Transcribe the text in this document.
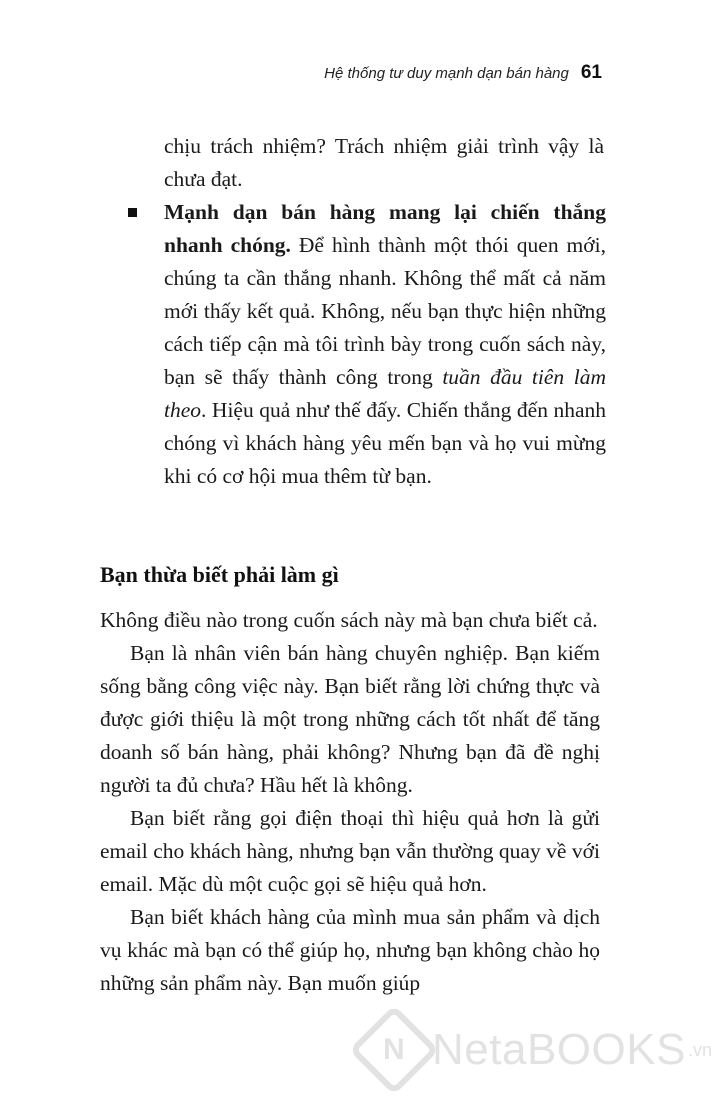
Hệ thống tư duy mạnh dạn bán hàng 61

chịu trách nhiệm? Trách nhiệm giải trình vậy là chưa đạt.

Mạnh dạn bán hàng mang lại chiến thắng nhanh chóng. Để hình thành một thói quen mới, chúng ta cần thắng nhanh. Không thể mất cả năm mới thấy kết quả. Không, nếu bạn thực hiện những cách tiếp cận mà tôi trình bày trong cuốn sách này, bạn sẽ thấy thành công trong tuần đầu tiên làm theo. Hiệu quả như thế đấy. Chiến thắng đến nhanh chóng vì khách hàng yêu mến bạn và họ vui mừng khi có cơ hội mua thêm từ bạn.

Bạn thừa biết phải làm gì

Không điều nào trong cuốn sách này mà bạn chưa biết cả.

Bạn là nhân viên bán hàng chuyên nghiệp. Bạn kiếm sống bằng công việc này. Bạn biết rằng lời chứng thực và được giới thiệu là một trong những cách tốt nhất để tăng doanh số bán hàng, phải không? Nhưng bạn đã đề nghị người ta đủ chưa? Hầu hết là không.

Bạn biết rằng gọi điện thoại thì hiệu quả hơn là gửi email cho khách hàng, nhưng bạn vẫn thường quay về với email. Mặc dù một cuộc gọi sẽ hiệu quả hơn.

Bạn biết khách hàng của mình mua sản phẩm và dịch vụ khác mà bạn có thể giúp họ, nhưng bạn không chào họ những sản phẩm này. Bạn muốn giúp

N NetaBOOKS .vn
